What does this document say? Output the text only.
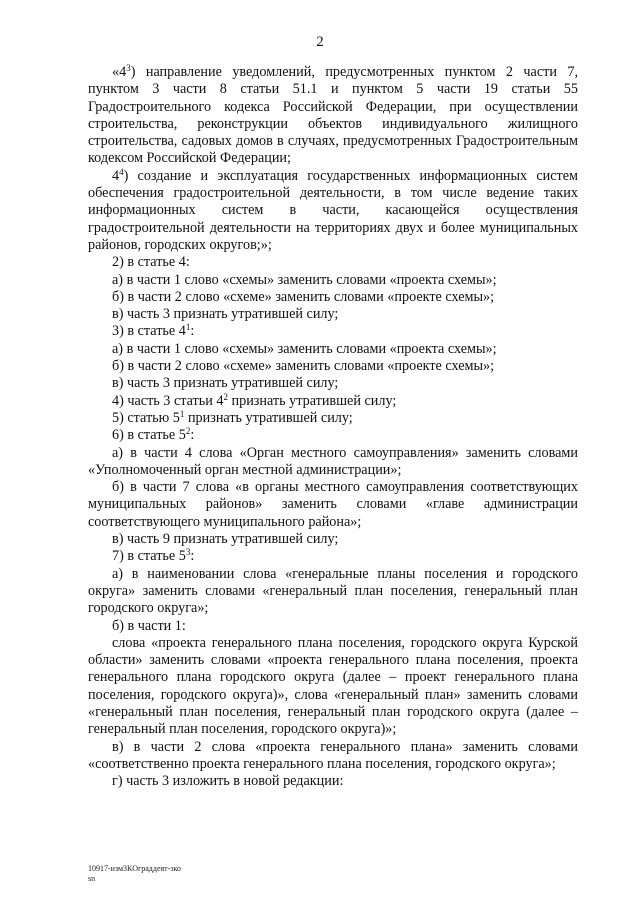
2

«$4^3$) направление уведомлений, предусмотренных пунктом 2 части 7, пунктом 3 части 8 статьи 51.1 и пунктом 5 части 19 статьи 55 Градостроительного кодекса Российской Федерации, при осуществлении строительства, реконструкции объектов индивидуального жилищного строительства, садовых домов в случаях, предусмотренных Градостроительным кодексом Российской Федерации;

$4^4$) создание и эксплуатация государственных информационных систем обеспечения градостроительной деятельности, в том числе ведение таких информационных систем в части, касающейся осуществления градостроительной деятельности на территориях двух и более муниципальных районов, городских округов;»;

2) в статье 4:

а) в части 1 слово «схемы» заменить словами «проекта схемы»;

б) в части 2 слово «схеме» заменить словами «проекте схемы»;

в) часть 3 признать утратившей силу;

3) в статье $4^1$:

а) в части 1 слово «схемы» заменить словами «проекта схемы»;

б) в части 2 слово «схеме» заменить словами «проекте схемы»;

в) часть 3 признать утратившей силу;

4) часть 3 статьи $4^2$ признать утратившей силу;

5) статью $5^1$ признать утратившей силу;

6) в статье $5^2$:

а) в части 4 слова «Орган местного самоуправления» заменить словами «Уполномоченный орган местной администрации»;

б) в части 7 слова «в органы местного самоуправления соответствующих муниципальных районов» заменить словами «главе администрации соответствующего муниципального района»;

в) часть 9 признать утратившей силу;

7) в статье $5^3$:

а) в наименовании слова «генеральные планы поселения и городского округа» заменить словами «генеральный план поселения, генеральный план городского округа»;

б) в части 1:

слова «проекта генерального плана поселения, городского округа Курской области» заменить словами «проекта генерального плана поселения, проекта генерального плана городского округа (далее – проект генерального плана поселения, городского округа)», слова «генеральный план» заменить словами «генеральный план поселения, генеральный план городского округа (далее – генеральный план поселения, городского округа)»;

в) в части 2 слова «проекта генерального плана» заменить словами «соответственно проекта генерального плана поселения, городского округа»;

г) часть 3 изложить в новой редакции:

10917-изм3КОграддеят-зко
sn
